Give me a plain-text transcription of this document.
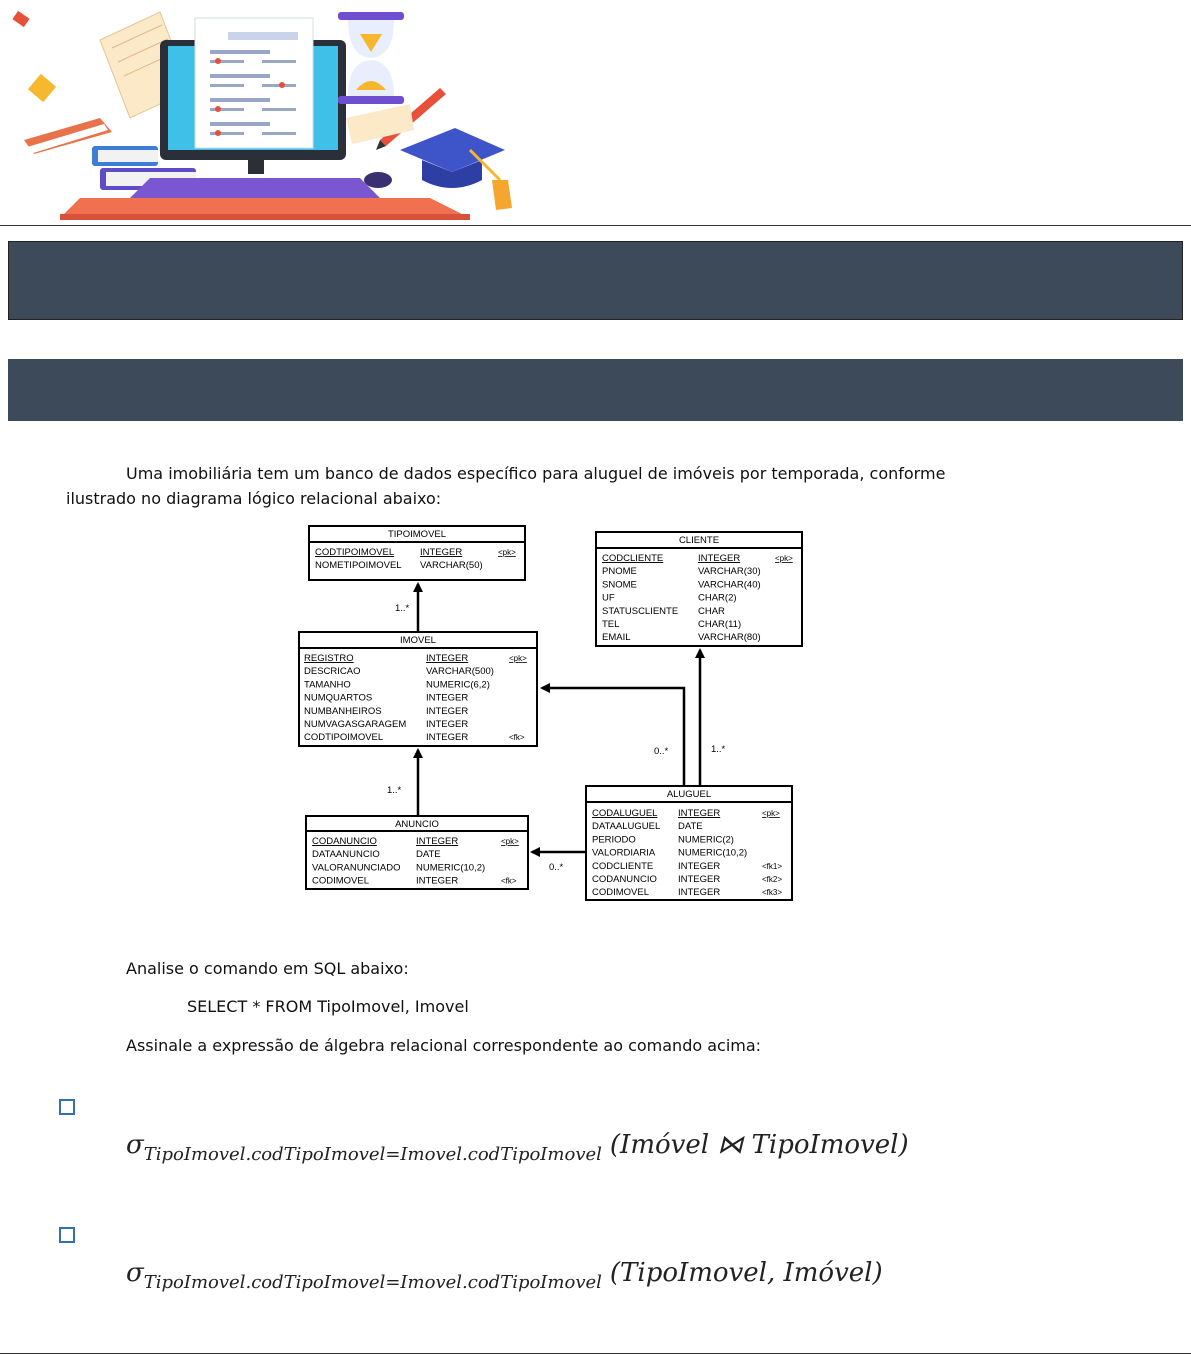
Uma imobiliária tem um banco de dados específico para aluguel de imóveis por temporada, conforme
ilustrado no diagrama lógico relacional abaixo:
TIPOIMOVEL
CODTIPOIMOVEL	INTEGER	<pk>
NOMETIPOIMOVEL VARCHAR(50)
CLIENTE
CODCLIENTE	INTEGER	<pk>
PNOME	VARCHAR(30)
SNOME	VARCHAR(40)
UF	CHAR(2)
STATUSCLIENTE CHAR
TEL	CHAR(11)
EMAIL	VARCHAR(80)
IMOVEL
REGISTRO	INTEGER	<pk>
DESCRICAO	VARCHAR(500)
TAMANHO	NUMERIC(6,2)
NUMQUARTOS	INTEGER
NUMBANHEIROS	INTEGER
NUMVAGASGARAGEM INTEGER
CODTIPOIMOVEL	INTEGER	<fk>
ANUNCIO
CODANUNCIO	INTEGER	<pk>
DATAANUNCIO	DATE
VALORANUNCIADO NUMERIC(10,2)
CODIMOVEL	INTEGER	<fk>
ALUGUEL
CODALUGUEL INTEGER	<pk>
DATAALUGUEL DATE
PERIODO	NUMERIC(2)
VALORDIARIA NUMERIC(10,2)
CODCLIENTE	INTEGER	<fk1>
CODANUNCIO INTEGER	<fk2>
CODIMOVEL	INTEGER	<fk3>
1..*
1..*
0..*	1..*
0..*
Analise o comando em SQL abaixo:
SELECT * FROM TipoImovel, Imovel
Assinale a expressão de álgebra relacional correspondente ao comando acima:
σTipoImovel.codTipoImovel=Imovel.codTipoImovel (Imóvel ⋈ TipoImovel)
σTipoImovel.codTipoImovel=Imovel.codTipoImovel (TipoImovel, Imóvel)
